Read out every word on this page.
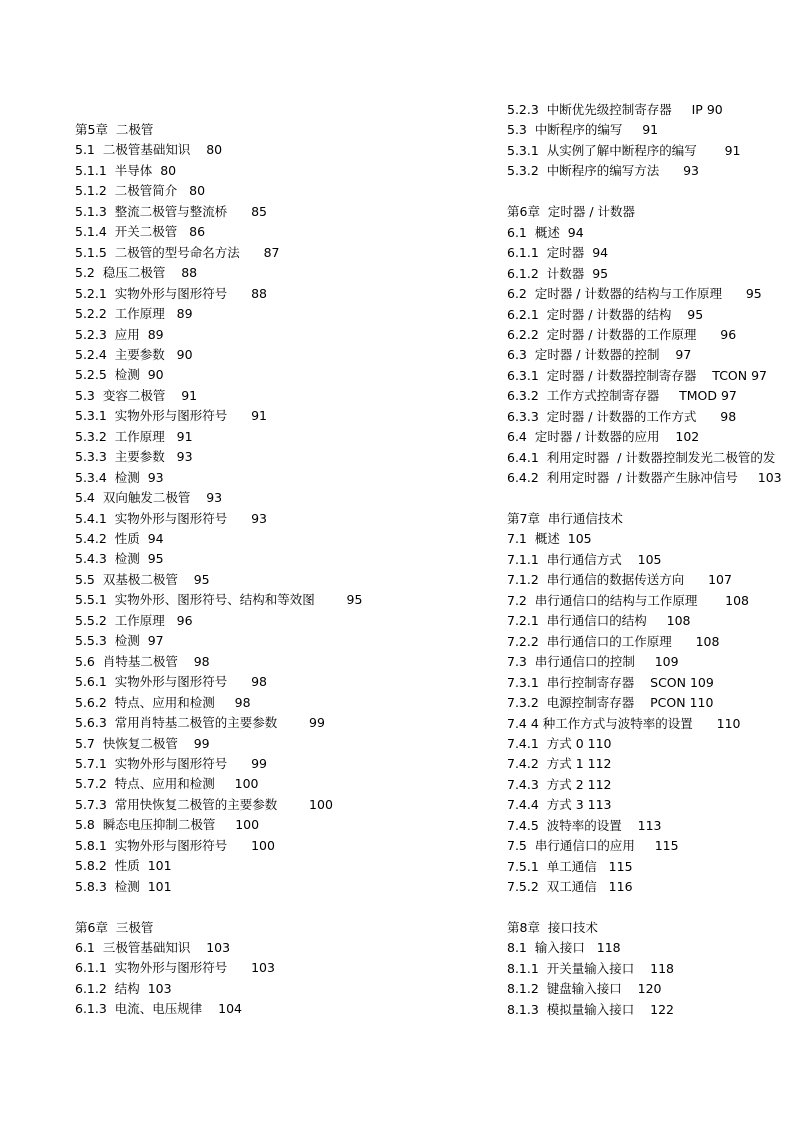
第5章  二极管
5.1  二极管基础知识    80
5.1.1  半导体  80
5.1.2  二极管简介   80
5.1.3  整流二极管与整流桥      85
5.1.4  开关二极管   86
5.1.5  二极管的型号命名方法      87
5.2  稳压二极管    88
5.2.1  实物外形与图形符号      88
5.2.2  工作原理   89
5.2.3  应用  89
5.2.4  主要参数   90
5.2.5  检测  90
5.3  变容二极管    91
5.3.1  实物外形与图形符号      91
5.3.2  工作原理   91
5.3.3  主要参数   93
5.3.4  检测  93
5.4  双向触发二极管    93
5.4.1  实物外形与图形符号      93
5.4.2  性质  94
5.4.3  检测  95
5.5  双基极二极管    95
5.5.1  实物外形、图形符号、结构和等效图        95
5.5.2  工作原理   96
5.5.3  检测  97
5.6  肖特基二极管    98
5.6.1  实物外形与图形符号      98
5.6.2  特点、应用和检测     98
5.6.3  常用肖特基二极管的主要参数        99
5.7  快恢复二极管    99
5.7.1  实物外形与图形符号      99
5.7.2  特点、应用和检测     100
5.7.3  常用快恢复二极管的主要参数        100
5.8  瞬态电压抑制二极管     100
5.8.1  实物外形与图形符号      100
5.8.2  性质  101
5.8.3  检测  101
第6章  三极管
6.1  三极管基础知识    103
6.1.1  实物外形与图形符号      103
6.1.2  结构  103
6.1.3  电流、电压规律    104
5.2.3  中断优先级控制寄存器     IP 90
5.3  中断程序的编写     91
5.3.1  从实例了解中断程序的编写       91
5.3.2  中断程序的编写方法      93
第6章  定时器 / 计数器
6.1  概述  94
6.1.1  定时器  94
6.1.2  计数器  95
6.2  定时器 / 计数器的结构与工作原理      95
6.2.1  定时器 / 计数器的结构    95
6.2.2  定时器 / 计数器的工作原理      96
6.3  定时器 / 计数器的控制    97
6.3.1  定时器 / 计数器控制寄存器    TCON 97
6.3.2  工作方式控制寄存器     TMOD 97
6.3.3  定时器 / 计数器的工作方式      98
6.4  定时器 / 计数器的应用    102
6.4.1  利用定时器  / 计数器控制发光二极管的发
6.4.2  利用定时器  / 计数器产生脉冲信号     103
第7章  串行通信技术
7.1  概述  105
7.1.1  串行通信方式    105
7.1.2  串行通信的数据传送方向      107
7.2  串行通信口的结构与工作原理       108
7.2.1  串行通信口的结构     108
7.2.2  串行通信口的工作原理      108
7.3  串行通信口的控制     109
7.3.1  串行控制寄存器    SCON 109
7.3.2  电源控制寄存器    PCON 110
7.4 4 种工作方式与波特率的设置      110
7.4.1  方式 0 110
7.4.2  方式 1 112
7.4.3  方式 2 112
7.4.4  方式 3 113
7.4.5  波特率的设置    113
7.5  串行通信口的应用     115
7.5.1  单工通信   115
7.5.2  双工通信   116
第8章  接口技术
8.1  输入接口   118
8.1.1  开关量输入接口    118
8.1.2  键盘输入接口    120
8.1.3  模拟量输入接口    122
